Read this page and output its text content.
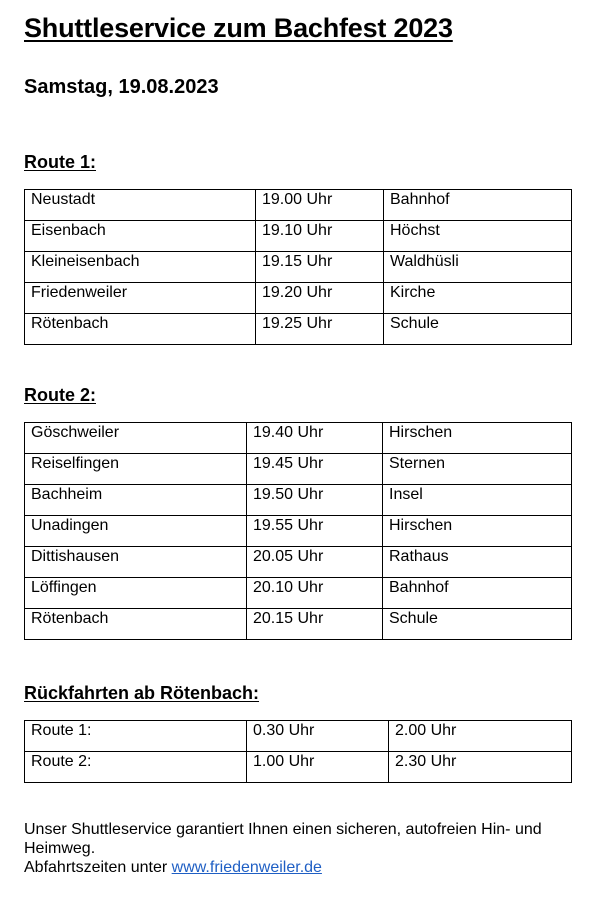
Shuttleservice zum Bachfest 2023

Samstag, 19.08.2023

Route 1:

Neustadt	19.00 Uhr	Bahnhof
Eisenbach	19.10 Uhr	Höchst
Kleineisenbach	19.15 Uhr	Waldhüsli
Friedenweiler	19.20 Uhr	Kirche
Rötenbach	19.25 Uhr	Schule

Route 2:

Göschweiler	19.40 Uhr	Hirschen
Reiselfingen	19.45 Uhr	Sternen
Bachheim	19.50 Uhr	Insel
Unadingen	19.55 Uhr	Hirschen
Dittishausen	20.05 Uhr	Rathaus
Löffingen	20.10 Uhr	Bahnhof
Rötenbach	20.15 Uhr	Schule

Rückfahrten ab Rötenbach:

Route 1:	0.30 Uhr	2.00 Uhr
Route 2:	1.00 Uhr	2.30 Uhr
Unser Shuttleservice garantiert Ihnen einen sicheren, autofreien Hin- und Heimweg.
Abfahrtszeiten unter www.friedenweiler.de
